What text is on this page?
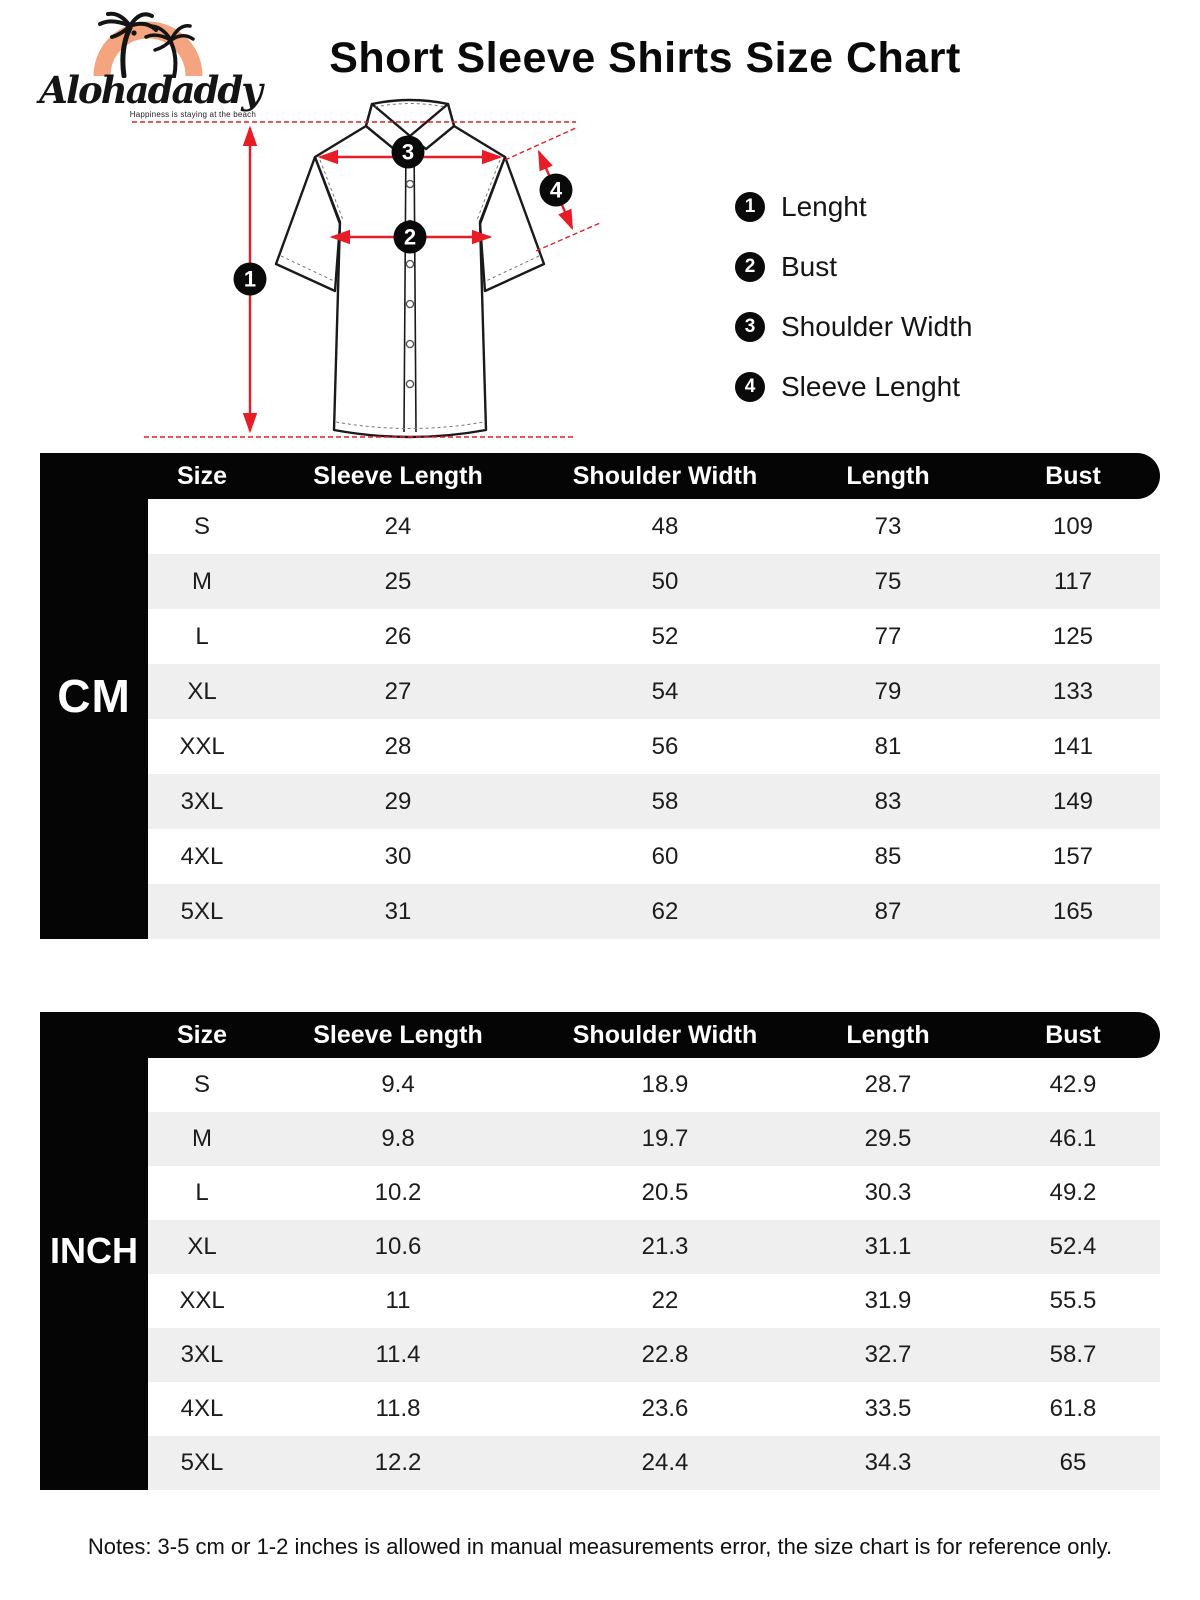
Alohadaddy
Happiness is staying at the beach
Short Sleeve Shirts Size Chart
1
2
3
4
1 Lenght
2 Bust
3 Shoulder Width
4 Sleeve Lenght
CM
Size	Sleeve Length	Shoulder Width	Length	Bust
S	24	48	73	109
M	25	50	75	117
L	26	52	77	125
XL	27	54	79	133
XXL	28	56	81	141
3XL	29	58	83	149
4XL	30	60	85	157
5XL	31	62	87	165
INCH
Size	Sleeve Length	Shoulder Width	Length	Bust
S	9.4	18.9	28.7	42.9
M	9.8	19.7	29.5	46.1
L	10.2	20.5	30.3	49.2
XL	10.6	21.3	31.1	52.4
XXL	11	22	31.9	55.5
3XL	11.4	22.8	32.7	58.7
4XL	11.8	23.6	33.5	61.8
5XL	12.2	24.4	34.3	65
Notes: 3-5 cm or 1-2 inches is allowed in manual measurements error, the size chart is for reference only.
